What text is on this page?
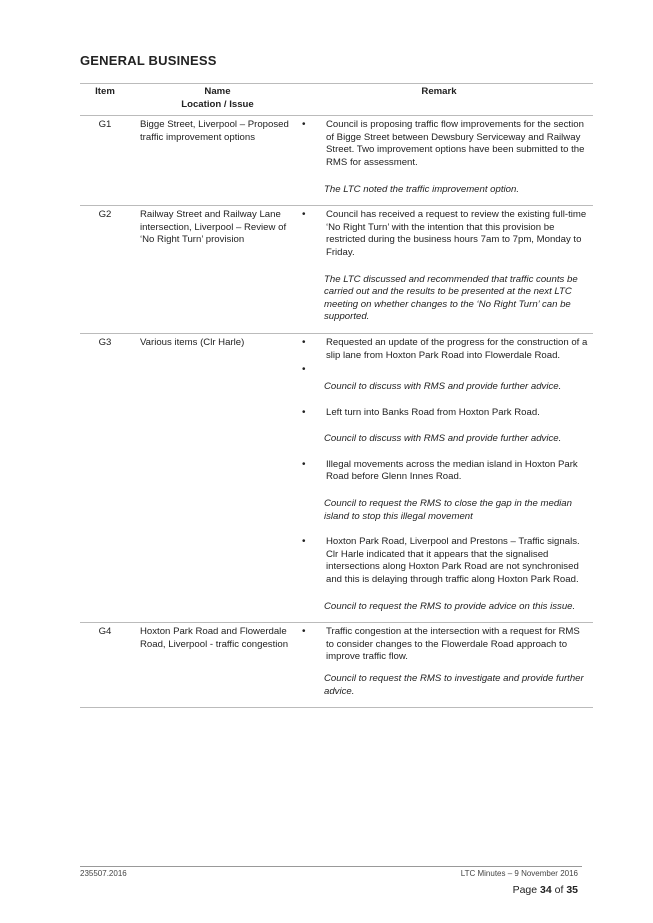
GENERAL BUSINESS
Item	Name
Location / Issue
Remark
G1	Bigge Street, Liverpool – Proposed traffic improvement options
•	Council is proposing traffic flow improvements for the section of Bigge Street between Dewsbury Serviceway and Railway Street. Two improvement options have been submitted to the RMS for assessment.
The LTC noted the traffic improvement option.
G2	Railway Street and Railway Lane intersection, Liverpool – Review of ‘No Right Turn’ provision
•	Council has received a request to review the existing full-time ‘No Right Turn’ with the intention that this provision be restricted during the business hours 7am to 7pm, Monday to Friday.
The LTC discussed and recommended that traffic counts be carried out and the results to be presented at the next LTC meeting on whether changes to the ‘No Right Turn’ can be supported.
G3	Various items (Clr Harle)	•	Requested an update of the progress for the construction of a slip lane from Hoxton Park Road into Flowerdale Road.
•
Council to discuss with RMS and provide further advice.
•	Left turn into Banks Road from Hoxton Park Road.
Council to discuss with RMS and provide further advice.
•	Illegal movements across the median island in Hoxton Park Road before Glenn Innes Road.
Council to request the RMS to close the gap in the median island to stop this illegal movement
•	Hoxton Park Road, Liverpool and Prestons – Traffic signals. Clr Harle indicated that it appears that the signalised intersections along Hoxton Park Road are not synchronised and this is delaying through traffic along Hoxton Park Road.
Council to request the RMS to provide advice on this issue.
G4	Hoxton Park Road and Flowerdale Road, Liverpool - traffic congestion
•	Traffic congestion at the intersection with a request for RMS to consider changes to the Flowerdale Road approach to improve traffic flow.
Council to request the RMS to investigate and provide further advice.
235507.2016	LTC Minutes – 9 November 2016
Page 34 of 35
